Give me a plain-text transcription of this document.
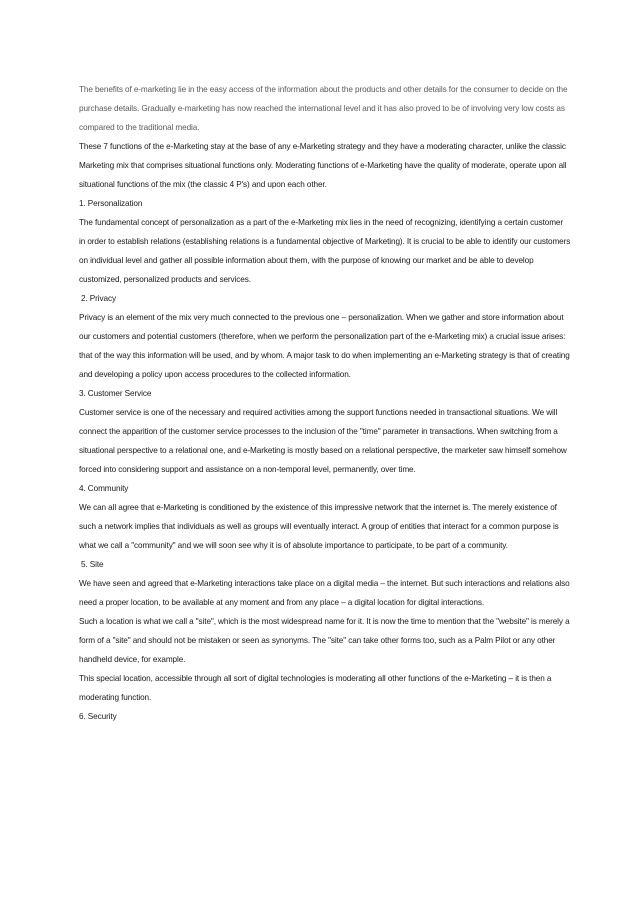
The benefits of e-marketing lie in the easy access of the information about the products and other details for the consumer to decide on the purchase details. Gradually e-marketing has now reached the international level and it has also proved to be of involving very low costs as compared to the traditional media.

These 7 functions of the e-Marketing stay at the base of any e-Marketing strategy and they have a moderating character, unlike the classic Marketing mix that comprises situational functions only. Moderating functions of e-Marketing have the quality of moderate, operate upon all situational functions of the mix (the classic 4 P's) and upon each other.

1. Personalization

The fundamental concept of personalization as a part of the e-Marketing mix lies in the need of recognizing, identifying a certain customer in order to establish relations (establishing relations is a fundamental objective of Marketing). It is crucial to be able to identify our customers on individual level and gather all possible information about them, with the purpose of knowing our market and be able to develop customized, personalized products and services.

2. Privacy

Privacy is an element of the mix very much connected to the previous one – personalization. When we gather and store information about our customers and potential customers (therefore, when we perform the personalization part of the e-Marketing mix) a crucial issue arises: that of the way this information will be used, and by whom. A major task to do when implementing an e-Marketing strategy is that of creating and developing a policy upon access procedures to the collected information.

3. Customer Service

Customer service is one of the necessary and required activities among the support functions needed in transactional situations. We will connect the apparition of the customer service processes to the inclusion of the "time" parameter in transactions. When switching from a situational perspective to a relational one, and e-Marketing is mostly based on a relational perspective, the marketer saw himself somehow forced into considering support and assistance on a non-temporal level, permanently, over time.

4. Community

We can all agree that e-Marketing is conditioned by the existence of this impressive network that the internet is. The merely existence of such a network implies that individuals as well as groups will eventually interact. A group of entities that interact for a common purpose is what we call a "community" and we will soon see why it is of absolute importance to participate, to be part of a community.

5. Site

We have seen and agreed that e-Marketing interactions take place on a digital media – the internet. But such interactions and relations also need a proper location, to be available at any moment and from any place – a digital location for digital interactions.

Such a location is what we call a "site", which is the most widespread name for it. It is now the time to mention that the "website" is merely a form of a "site" and should not be mistaken or seen as synonyms. The "site" can take other forms too, such as a Palm Pilot or any other handheld device, for example.

This special location, accessible through all sort of digital technologies is moderating all other functions of the e-Marketing – it is then a moderating function.

6. Security
